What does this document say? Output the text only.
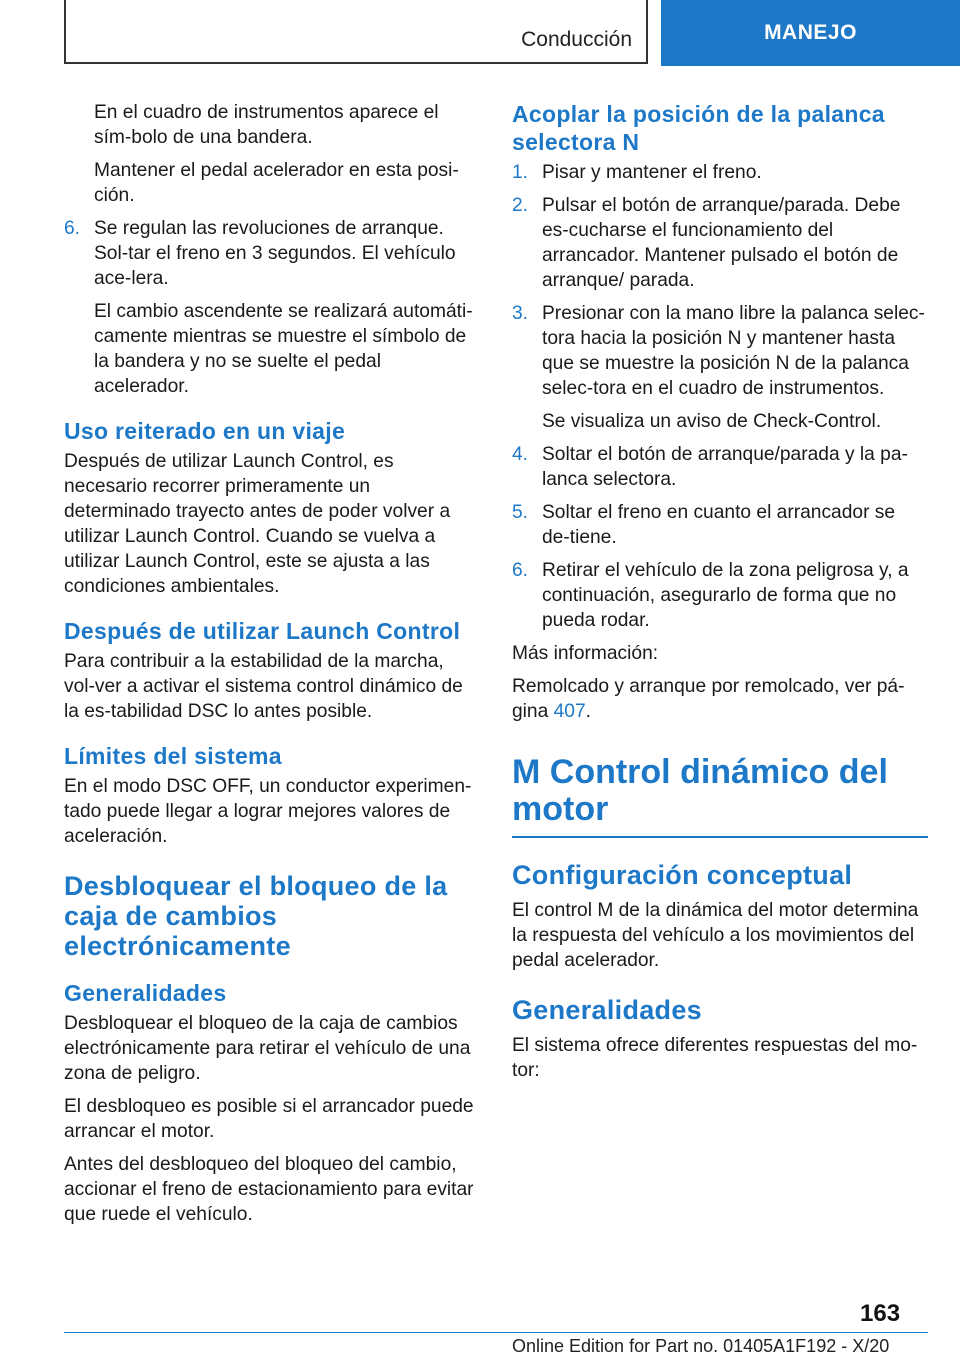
Conducción	MANEJO

En el cuadro de instrumentos aparece el sím-bolo de una bandera.

Mantener el pedal acelerador en esta posi-ción.

6. Se regulan las revoluciones de arranque. Sol-tar el freno en 3 segundos. El vehículo ace-lera.

El cambio ascendente se realizará automáti-camente mientras se muestre el símbolo de la bandera y no se suelte el pedal acelerador.

Uso reiterado en un viaje

Después de utilizar Launch Control, es necesario recorrer primeramente un determinado trayecto antes de poder volver a utilizar Launch Control. Cuando se vuelva a utilizar Launch Control, este se ajusta a las condiciones ambientales.

Después de utilizar Launch Control

Para contribuir a la estabilidad de la marcha, vol-ver a activar el sistema control dinámico de la es-tabilidad DSC lo antes posible.

Límites del sistema

En el modo DSC OFF, un conductor experimen-tado puede llegar a lograr mejores valores de aceleración.

Desbloquear el bloqueo de la caja de cambios electrónicamente
Generalidades

Desbloquear el bloqueo de la caja de cambios electrónicamente para retirar el vehículo de una zona de peligro.

El desbloqueo es posible si el arrancador puede arrancar el motor.

Antes del desbloqueo del bloqueo del cambio, accionar el freno de estacionamiento para evitar que ruede el vehículo.

Acoplar la posición de la palanca selectora N
1. Pisar y mantener el freno.
2. Pulsar el botón de arranque/parada. Debe es-cucharse el funcionamiento del arrancador. Mantener pulsado el botón de arranque/ parada.
3. Presionar con la mano libre la palanca selec-tora hacia la posición N y mantener hasta que se muestre la posición N de la palanca selec-tora en el cuadro de instrumentos.

Se visualiza un aviso de Check-Control.

4. Soltar el botón de arranque/parada y la pa-lanca selectora.
5. Soltar el freno en cuanto el arrancador se de-tiene.
6. Retirar el vehículo de la zona peligrosa y, a continuación, asegurarlo de forma que no pueda rodar.

Más información:

Remolcado y arranque por remolcado, ver pá-gina 407.

M Control dinámico del motor
Configuración conceptual

El control M de la dinámica del motor determina la respuesta del vehículo a los movimientos del pedal acelerador.

Generalidades

El sistema ofrece diferentes respuestas del mo-tor:

163
Online Edition for Part no. 01405A1F192 - X/20
